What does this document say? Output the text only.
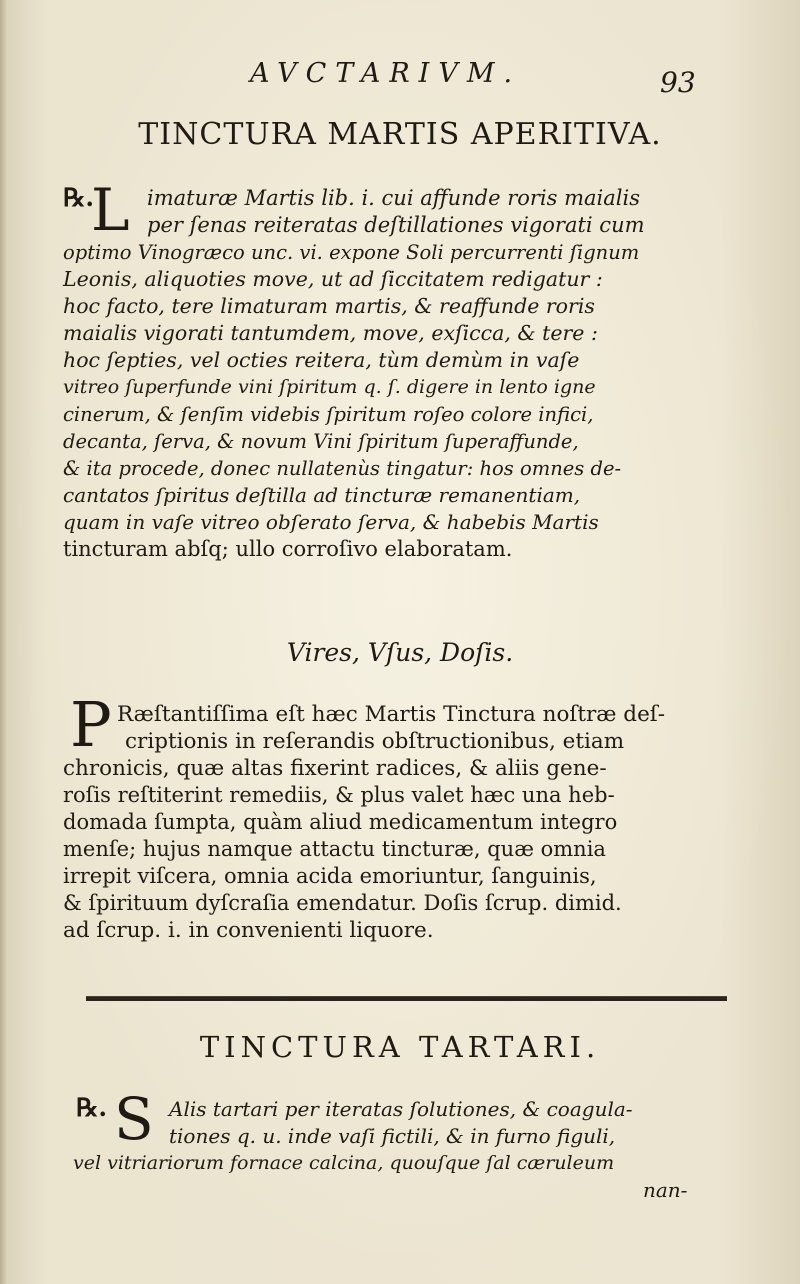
AVCTARIVM.	93
TINCTURA MARTIS APERITIVA.
℞.
L imaturæ Martis lib. i. cui affunde roris maialis
per ſenas reiteratas deſtillationes vigorati cum
optimo Vinogræco unc. vi. expone Soli percurrenti ſignum
Leonis, aliquoties move, ut ad ſiccitatem redigatur :
hoc facto, tere limaturam martis, & reaffunde roris
maialis vigorati tantumdem, move, exſicca, & tere :
hoc ſepties, vel octies reitera, tùm demùm in vaſe
vitreo ſuperfunde vini ſpiritum q. ſ. digere in lento igne
cinerum, & ſenſim videbis ſpiritum roſeo colore infici,
decanta, ſerva, & novum Vini ſpiritum ſuperaffunde,
& ita procede, donec nullatenùs tingatur: hos omnes de-
cantatos ſpiritus deſtilla ad tincturæ remanentiam,
quam in vaſe vitreo obſerato ſerva, & habebis Martis
tincturam abſq; ullo corroſivo elaboratam.
Vires, Vſus, Doſis.
P Ræſtantiſſima eſt hæc Martis Tinctura noſtræ deſ-
criptionis in reſerandis obſtructionibus, etiam
chronicis, quæ altas fixerint radices, & aliis gene-
roſis reſtiterint remediis, & plus valet hæc una heb-
domada ſumpta, quàm aliud medicamentum integro
menſe; hujus namque attactu tincturæ, quæ omnia
irrepit viſcera, omnia acida emoriuntur, ſanguinis,
& ſpirituum dyſcraſia emendatur. Doſis ſcrup. dimid.
ad ſcrup. i. in convenienti liquore.
TINCTURA TARTARI.
℞. S Alis tartari per iteratas ſolutiones, & coagula-
tiones q. u. inde vaſi fictili, & in furno figuli,
vel vitriariorum fornace calcina, quouſque ſal cæruleum
nan-
